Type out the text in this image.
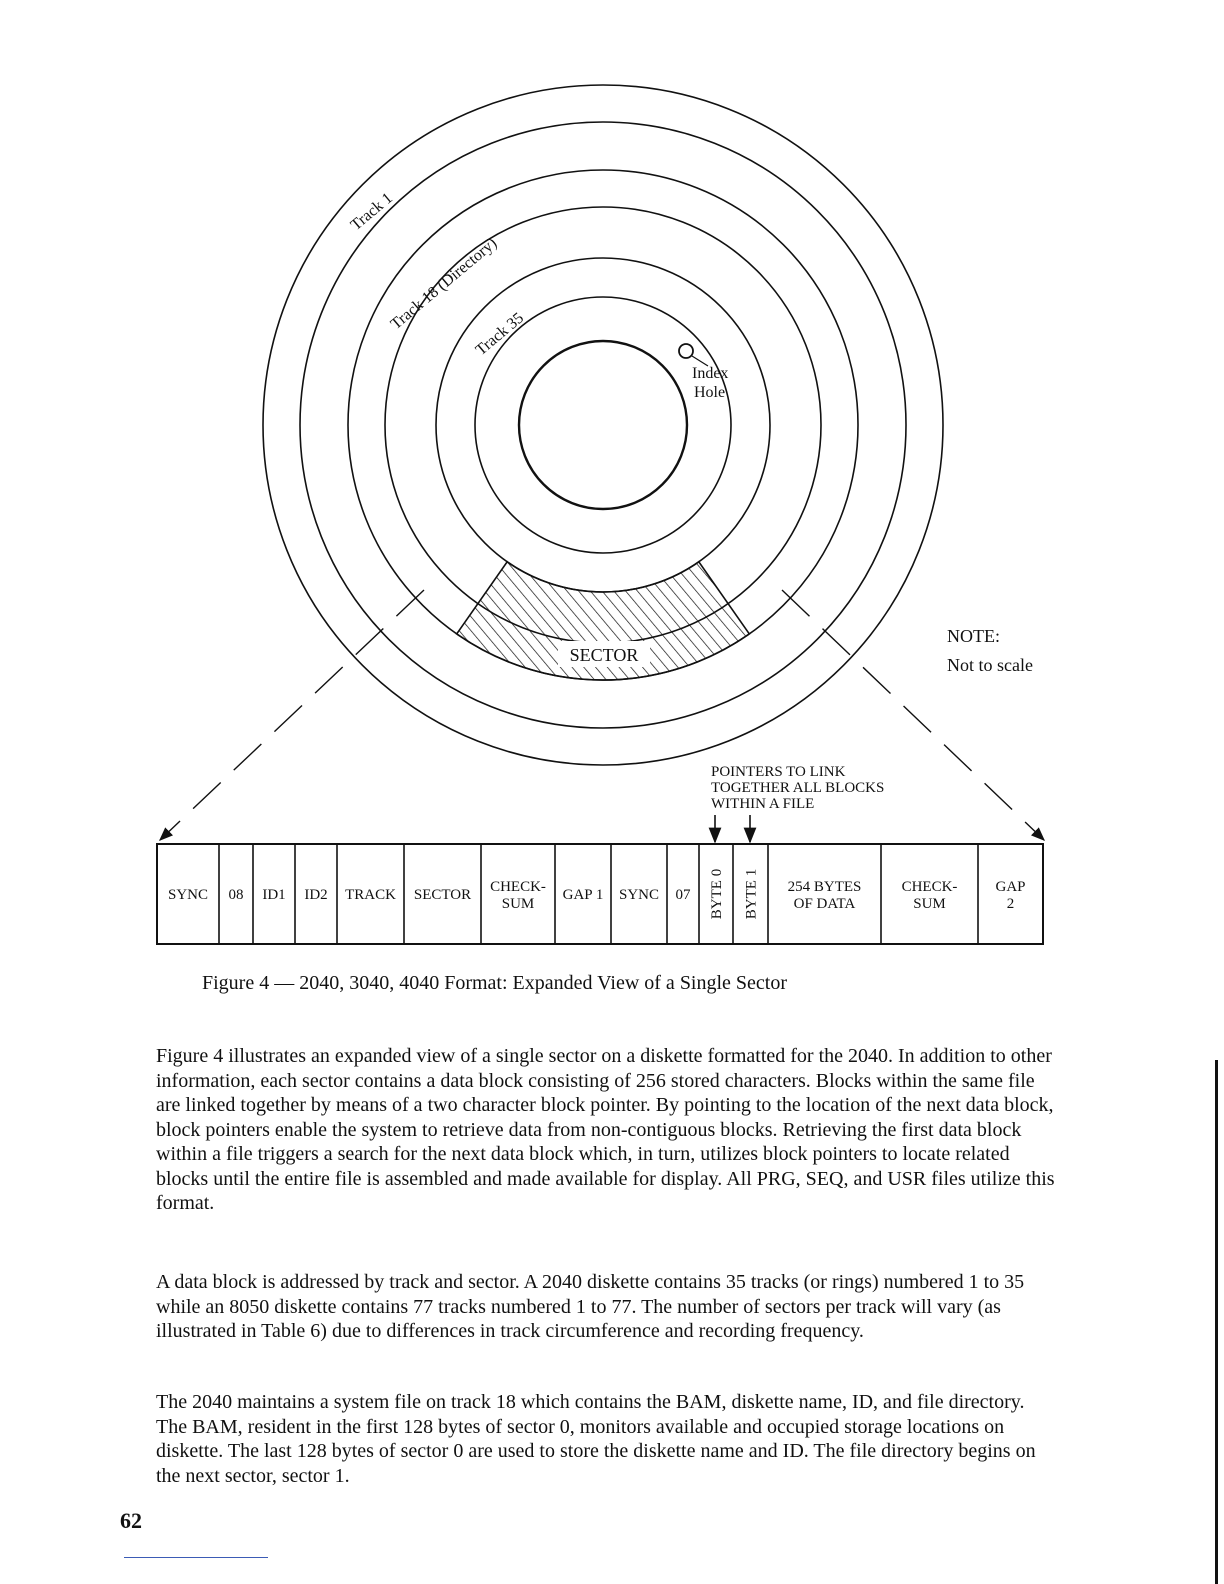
SECTOR
Index
Hole
Track 1
Track 18 (Directory)
Track 35
NOTE:
Not to scale
POINTERS TO LINK
TOGETHER ALL BLOCKS
WITHIN A FILE
SYNC 08 ID1 ID2 TRACK SECTOR CHECK-
SUM
GAP 1 SYNC 07 BYTE 0 BYTE 1 254 BYTES
OF DATA
CHECK-
SUM
GAP
2
Figure 4 — 2040, 3040, 4040 Format: Expanded View of a Single Sector

Figure 4 illustrates an expanded view of a single sector on a diskette formatted for the 2040. In addition to other information, each sector contains a data block consisting of 256 stored characters. Blocks within the same file are linked together by means of a two character block pointer. By pointing to the location of the next data block, block pointers enable the system to retrieve data from non-contiguous blocks. Retrieving the first data block within a file triggers a search for the next data block which, in turn, utilizes block pointers to locate related blocks until the entire file is assembled and made available for display. All PRG, SEQ, and USR files utilize this format.

A data block is addressed by track and sector. A 2040 diskette contains 35 tracks (or rings) numbered 1 to 35 while an 8050 diskette contains 77 tracks numbered 1 to 77. The number of sectors per track will vary (as illustrated in Table 6) due to differences in track circumference and recording frequency.

The 2040 maintains a system file on track 18 which contains the BAM, diskette name, ID, and file directory. The BAM, resident in the first 128 bytes of sector 0, monitors available and occupied storage locations on diskette. The last 128 bytes of sector 0 are used to store the diskette name and ID. The file directory begins on the next sector, sector 1.

62
